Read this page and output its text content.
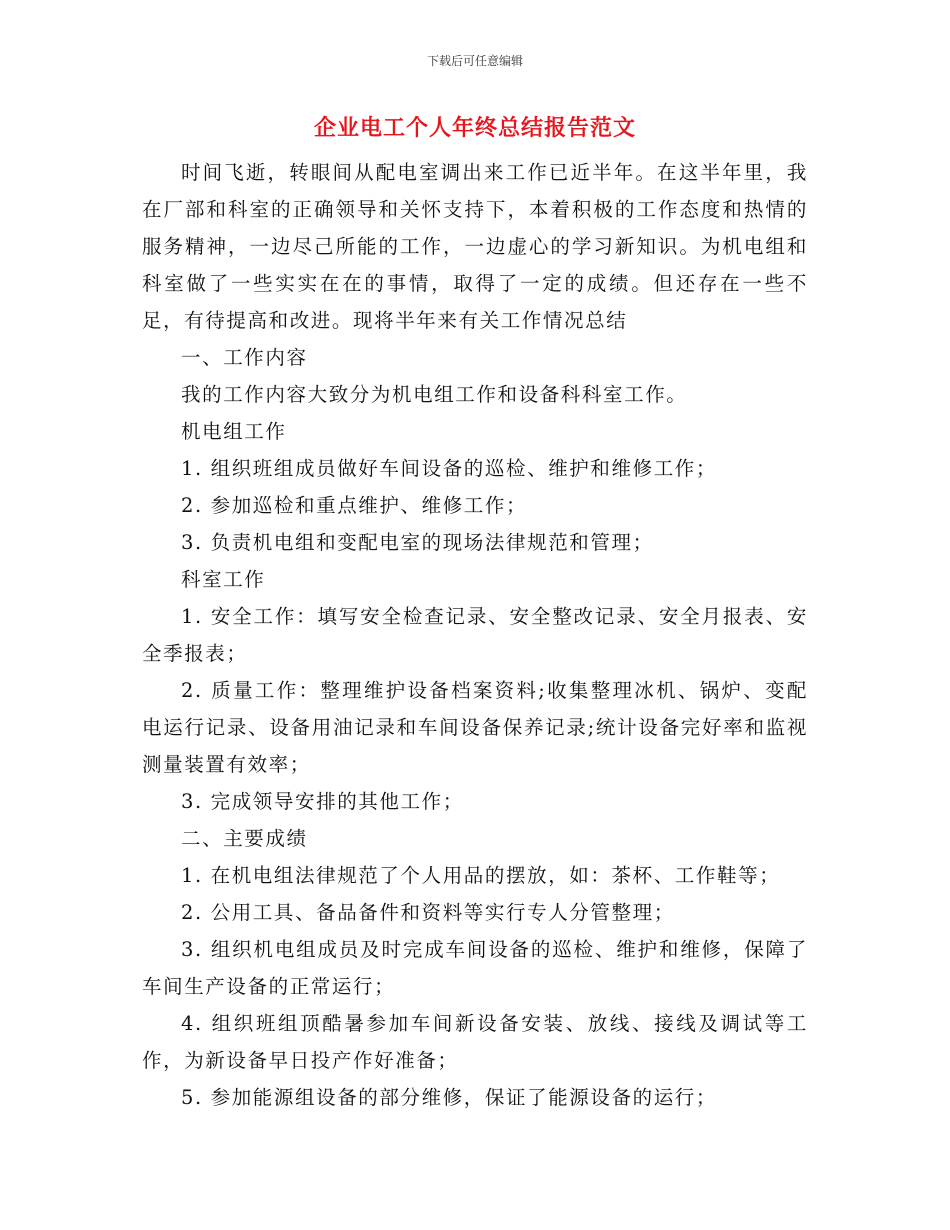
下载后可任意编辑
企业电工个人年终总结报告范文

时间飞逝，转眼间从配电室调出来工作已近半年。在这半年里，我在厂部和科室的正确领导和关怀支持下，本着积极的工作态度和热情的服务精神，一边尽己所能的工作，一边虚心的学习新知识。为机电组和科室做了一些实实在在的事情，取得了一定的成绩。但还存在一些不足，有待提高和改进。现将半年来有关工作情况总结

一、工作内容

我的工作内容大致分为机电组工作和设备科科室工作。

机电组工作

1. 组织班组成员做好车间设备的巡检、维护和维修工作；

2. 参加巡检和重点维护、维修工作；

3. 负责机电组和变配电室的现场法律规范和管理；

科室工作

1. 安全工作：填写安全检查记录、安全整改记录、安全月报表、安全季报表；

2. 质量工作：整理维护设备档案资料;收集整理冰机、锅炉、变配电运行记录、设备用油记录和车间设备保养记录;统计设备完好率和监视测量装置有效率；

3. 完成领导安排的其他工作；

二、主要成绩

1. 在机电组法律规范了个人用品的摆放，如：茶杯、工作鞋等；

2. 公用工具、备品备件和资料等实行专人分管整理；

3. 组织机电组成员及时完成车间设备的巡检、维护和维修，保障了车间生产设备的正常运行；

4. 组织班组顶酷暑参加车间新设备安装、放线、接线及调试等工作，为新设备早日投产作好准备；

5. 参加能源组设备的部分维修，保证了能源设备的运行；
